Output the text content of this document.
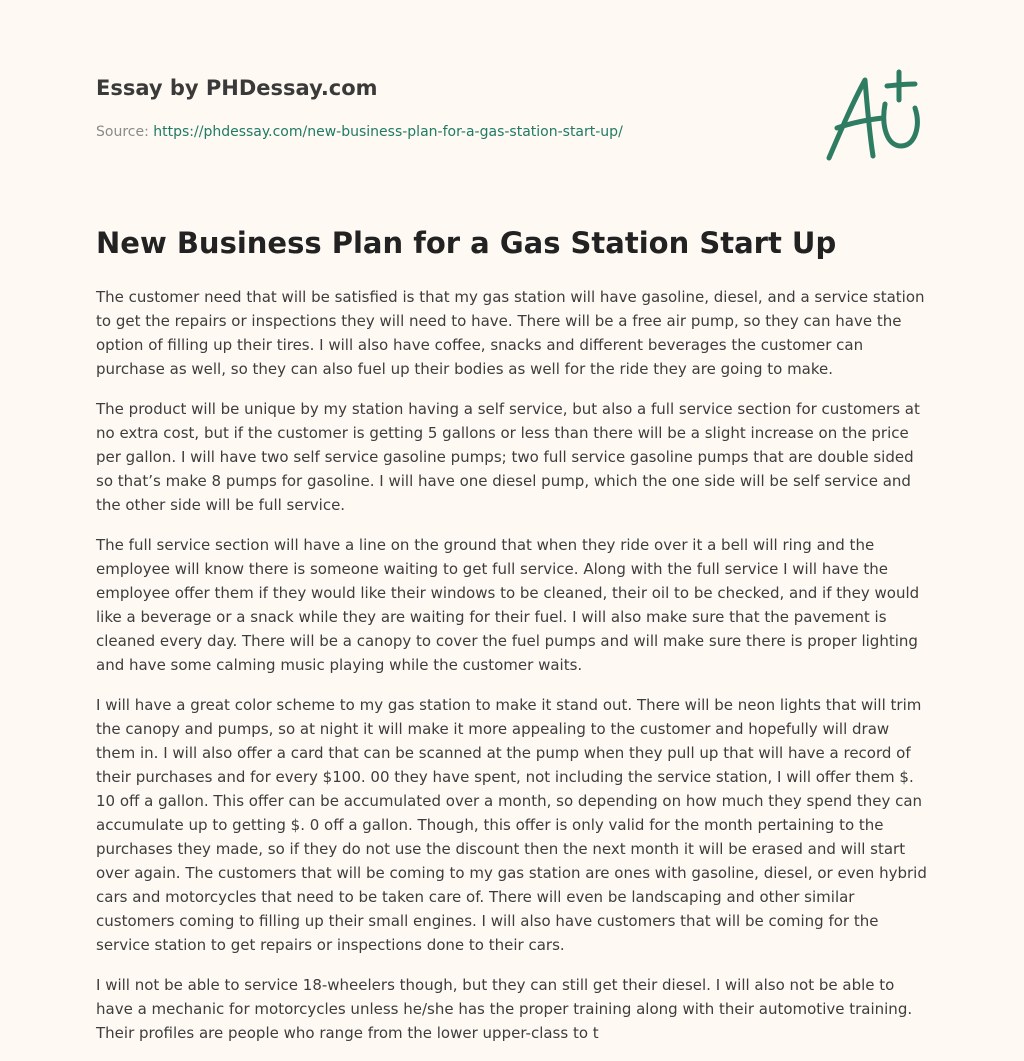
Essay by PHDessay.com
Source: https://phdessay.com/new-business-plan-for-a-gas-station-start-up/
New Business Plan for a Gas Station Start Up

The customer need that will be satisfied is that my gas station will have gasoline, diesel, and a service station to get the repairs or inspections they will need to have. There will be a free air pump, so they can have the option of filling up their tires. I will also have coffee, snacks and different beverages the customer can purchase as well, so they can also fuel up their bodies as well for the ride they are going to make.

The product will be unique by my station having a self service, but also a full service section for customers at no extra cost, but if the customer is getting 5 gallons or less than there will be a slight increase on the price per gallon. I will have two self service gasoline pumps; two full service gasoline pumps that are double sided so that’s make 8 pumps for gasoline. I will have one diesel pump, which the one side will be self service and the other side will be full service.

The full service section will have a line on the ground that when they ride over it a bell will ring and the employee will know there is someone waiting to get full service. Along with the full service I will have the employee offer them if they would like their windows to be cleaned, their oil to be checked, and if they would like a beverage or a snack while they are waiting for their fuel. I will also make sure that the pavement is cleaned every day. There will be a canopy to cover the fuel pumps and will make sure there is proper lighting and have some calming music playing while the customer waits.

I will have a great color scheme to my gas station to make it stand out. There will be neon lights that will trim the canopy and pumps, so at night it will make it more appealing to the customer and hopefully will draw them in. I will also offer a card that can be scanned at the pump when they pull up that will have a record of their purchases and for every $100. 00 they have spent, not including the service station, I will offer them $. 10 off a gallon. This offer can be accumulated over a month, so depending on how much they spend they can accumulate up to getting $. 0 off a gallon. Though, this offer is only valid for the month pertaining to the purchases they made, so if they do not use the discount then the next month it will be erased and will start over again. The customers that will be coming to my gas station are ones with gasoline, diesel, or even hybrid cars and motorcycles that need to be taken care of. There will even be landscaping and other similar customers coming to filling up their small engines. I will also have customers that will be coming for the service station to get repairs or inspections done to their cars.

I will not be able to service 18-wheelers though, but they can still get their diesel. I will also not be able to have a mechanic for motorcycles unless he/she has the proper training along with their automotive training. Their profiles are people who range from the lower upper-class to t
